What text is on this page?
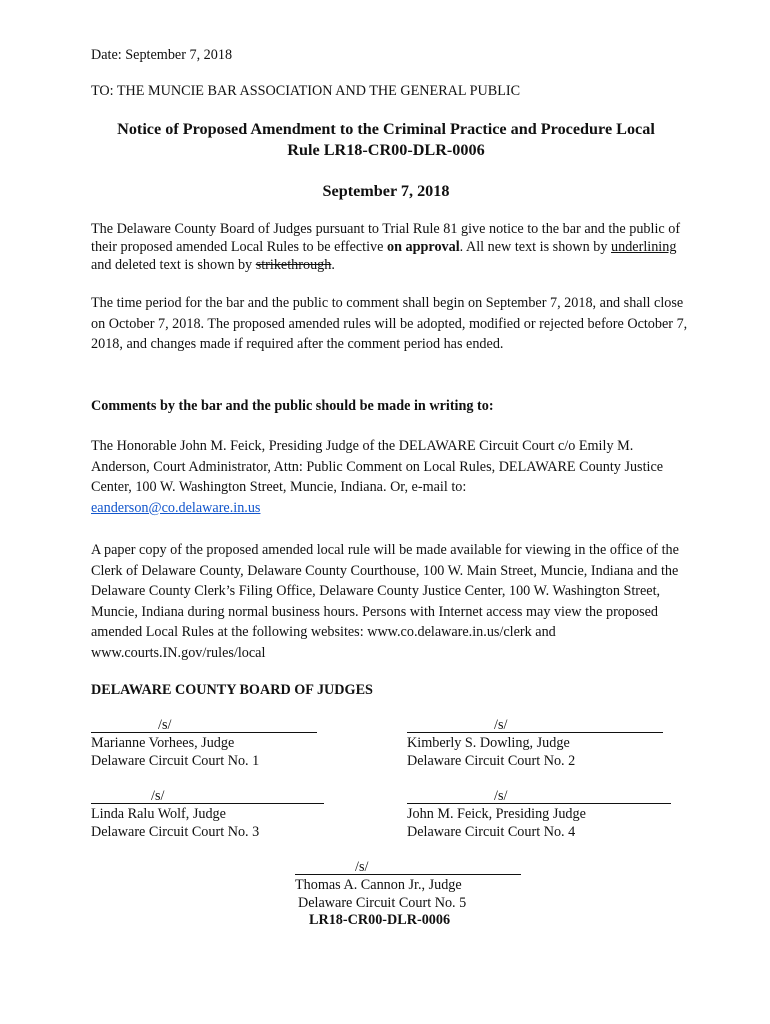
Date: September 7, 2018
TO: THE MUNCIE BAR ASSOCIATION AND THE GENERAL PUBLIC
Notice of Proposed Amendment to the Criminal Practice and Procedure Local
Rule LR18-CR00-DLR-0006
September 7, 2018
The Delaware County Board of Judges pursuant to Trial Rule 81 give notice to the bar and the public of their proposed amended Local Rules to be effective on approval. All new text is shown by underlining and deleted text is shown by strikethrough.
The time period for the bar and the public to comment shall begin on September 7, 2018, and shall close on October 7, 2018. The proposed amended rules will be adopted, modified or rejected before October 7, 2018, and changes made if required after the comment period has ended.
Comments by the bar and the public should be made in writing to:
The Honorable John M. Feick, Presiding Judge of the DELAWARE Circuit Court c/o Emily M. Anderson, Court Administrator, Attn: Public Comment on Local Rules, DELAWARE County Justice Center, 100 W. Washington Street, Muncie, Indiana. Or, e-mail to:
eanderson@co.delaware.in.us
A paper copy of the proposed amended local rule will be made available for viewing in the office of the Clerk of Delaware County, Delaware County Courthouse, 100 W. Main Street, Muncie, Indiana and the Delaware County Clerk’s Filing Office, Delaware County Justice Center, 100 W. Washington Street, Muncie, Indiana during normal business hours. Persons with Internet access may view the proposed amended Local Rules at the following websites: www.co.delaware.in.us/clerk and www.courts.IN.gov/rules/local
DELAWARE COUNTY BOARD OF JUDGES
/s/
Marianne Vorhees, Judge
Delaware Circuit Court No. 1
/s/
Kimberly S. Dowling, Judge
Delaware Circuit Court No. 2
/s/
Linda Ralu Wolf, Judge
Delaware Circuit Court No. 3
/s/
John M. Feick, Presiding Judge
Delaware Circuit Court No. 4
/s/
Thomas A. Cannon Jr., Judge
Delaware Circuit Court No. 5
LR18-CR00-DLR-0006
